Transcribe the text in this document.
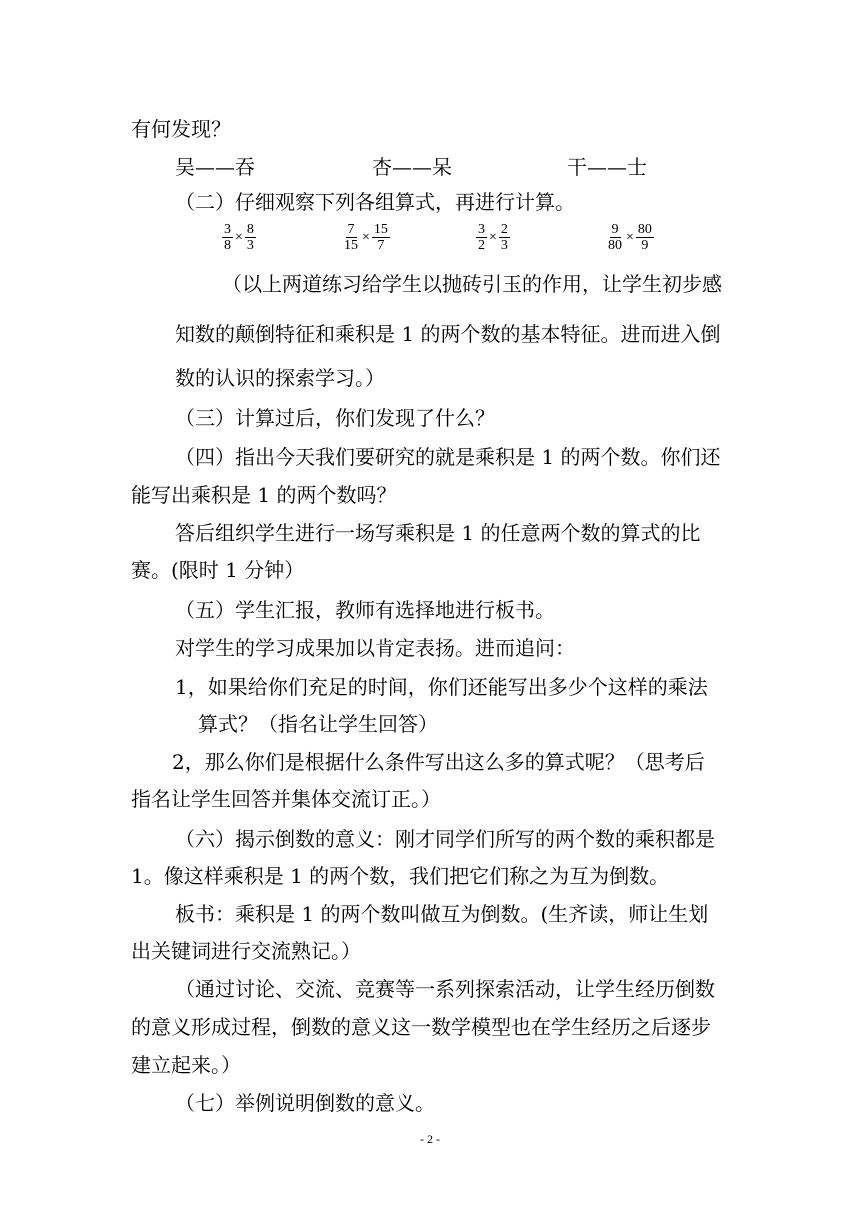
有何发现？
吴——吞	杏——呆	干——士
（二）仔细观察下列各组算式，再进行计算。
$\frac{3}{8} \times \frac{8}{3}$	$\frac{7}{15} \times \frac{15}{7}$	$\frac{3}{2} \times \frac{2}{3}$	$\frac{9}{80} \times \frac{80}{9}$
（以上两道练习给学生以抛砖引玉的作用，让学生初步感
知数的颠倒特征和乘积是 1 的两个数的基本特征。进而进入倒
数的认识的探索学习。）
（三）计算过后，你们发现了什么？
（四）指出今天我们要研究的就是乘积是 1 的两个数。你们还
能写出乘积是 1 的两个数吗？
答后组织学生进行一场写乘积是 1 的任意两个数的算式的比
赛。(限时 1 分钟）
（五）学生汇报，教师有选择地进行板书。
对学生的学习成果加以肯定表扬。进而追问：
1，如果给你们充足的时间，你们还能写出多少个这样的乘法
算式？（指名让学生回答）
2，那么你们是根据什么条件写出这么多的算式呢？（思考后
指名让学生回答并集体交流订正。）
（六）揭示倒数的意义：刚才同学们所写的两个数的乘积都是
1。像这样乘积是 1 的两个数，我们把它们称之为互为倒数。
板书：乘积是 1 的两个数叫做互为倒数。(生齐读，师让生划
出关键词进行交流熟记。）
（通过讨论、交流、竞赛等一系列探索活动，让学生经历倒数
的意义形成过程，倒数的意义这一数学模型也在学生经历之后逐步
建立起来。）
（七）举例说明倒数的意义。
- 2 -
